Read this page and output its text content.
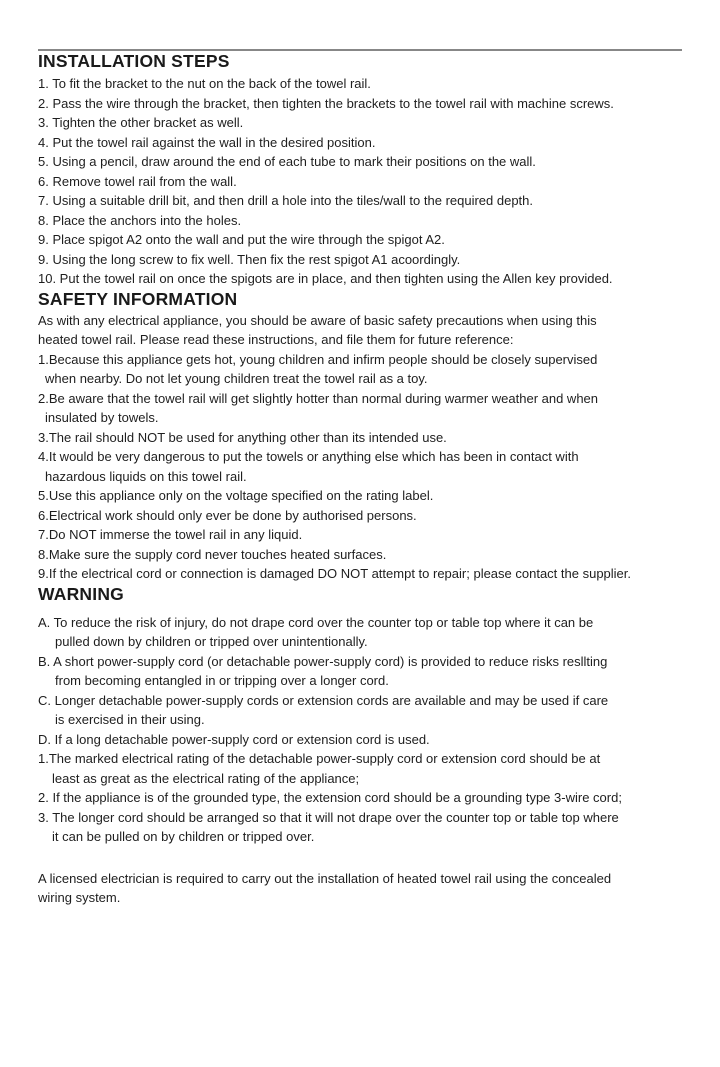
INSTALLATION STEPS
1. To fit the bracket to the nut on the back of the towel rail.
2. Pass the wire through the bracket, then tighten the brackets to the towel rail with machine screws.
3. Tighten the other bracket as well.
4. Put the towel rail against the wall in the desired position.
5. Using a pencil, draw around the end of each tube to mark their positions on the wall.
6. Remove towel rail from the wall.
7. Using a suitable drill bit, and then drill a hole into the tiles/wall to the required depth.
8. Place the anchors into the holes.
9. Place spigot A2 onto the wall and put the wire through the spigot A2.
9. Using the long screw to fix well. Then fix the rest spigot A1 acoordingly.
10. Put the towel rail on once the spigots are in place, and then tighten using the Allen key provided.
SAFETY INFORMATION
As with any electrical appliance, you should be aware of basic safety precautions when using this
heated towel rail. Please read these instructions, and file them for future reference:
1.Because this appliance gets hot, young children and infirm people should be closely supervised
when nearby. Do not let young children treat the towel rail as a toy.
2.Be aware that the towel rail will get slightly hotter than normal during warmer weather and when
insulated by towels.
3.The rail should NOT be used for anything other than its intended use.
4.It would be very dangerous to put the towels or anything else which has been in contact with
hazardous liquids on this towel rail.
5.Use this appliance only on the voltage specified on the rating label.
6.Electrical work should only ever be done by authorised persons.
7.Do NOT immerse the towel rail in any liquid.
8.Make sure the supply cord never touches heated surfaces.
9.If the electrical cord or connection is damaged DO NOT attempt to repair; please contact the supplier.
WARNING
A. To reduce the risk of injury, do not drape cord over the counter top or table top where it can be
pulled down by children or tripped over unintentionally.
B. A short power-supply cord (or detachable power-supply cord) is provided to reduce risks resllting
from becoming entangled in or tripping over a longer cord.
C. Longer detachable power-supply cords or extension cords are available and may be used if care
is exercised in their using.
D. If a long detachable power-supply cord or extension cord is used.
1.The marked electrical rating of the detachable power-supply cord or extension cord should be at
least as great as the electrical rating of the appliance;
2. If the appliance is of the grounded type, the extension cord should be a grounding type 3-wire cord;
3. The longer cord should be arranged so that it will not drape over the counter top or table top where
it can be pulled on by children or tripped over.
A licensed electrician is required to carry out the installation of heated towel rail using the concealed
wiring system.
